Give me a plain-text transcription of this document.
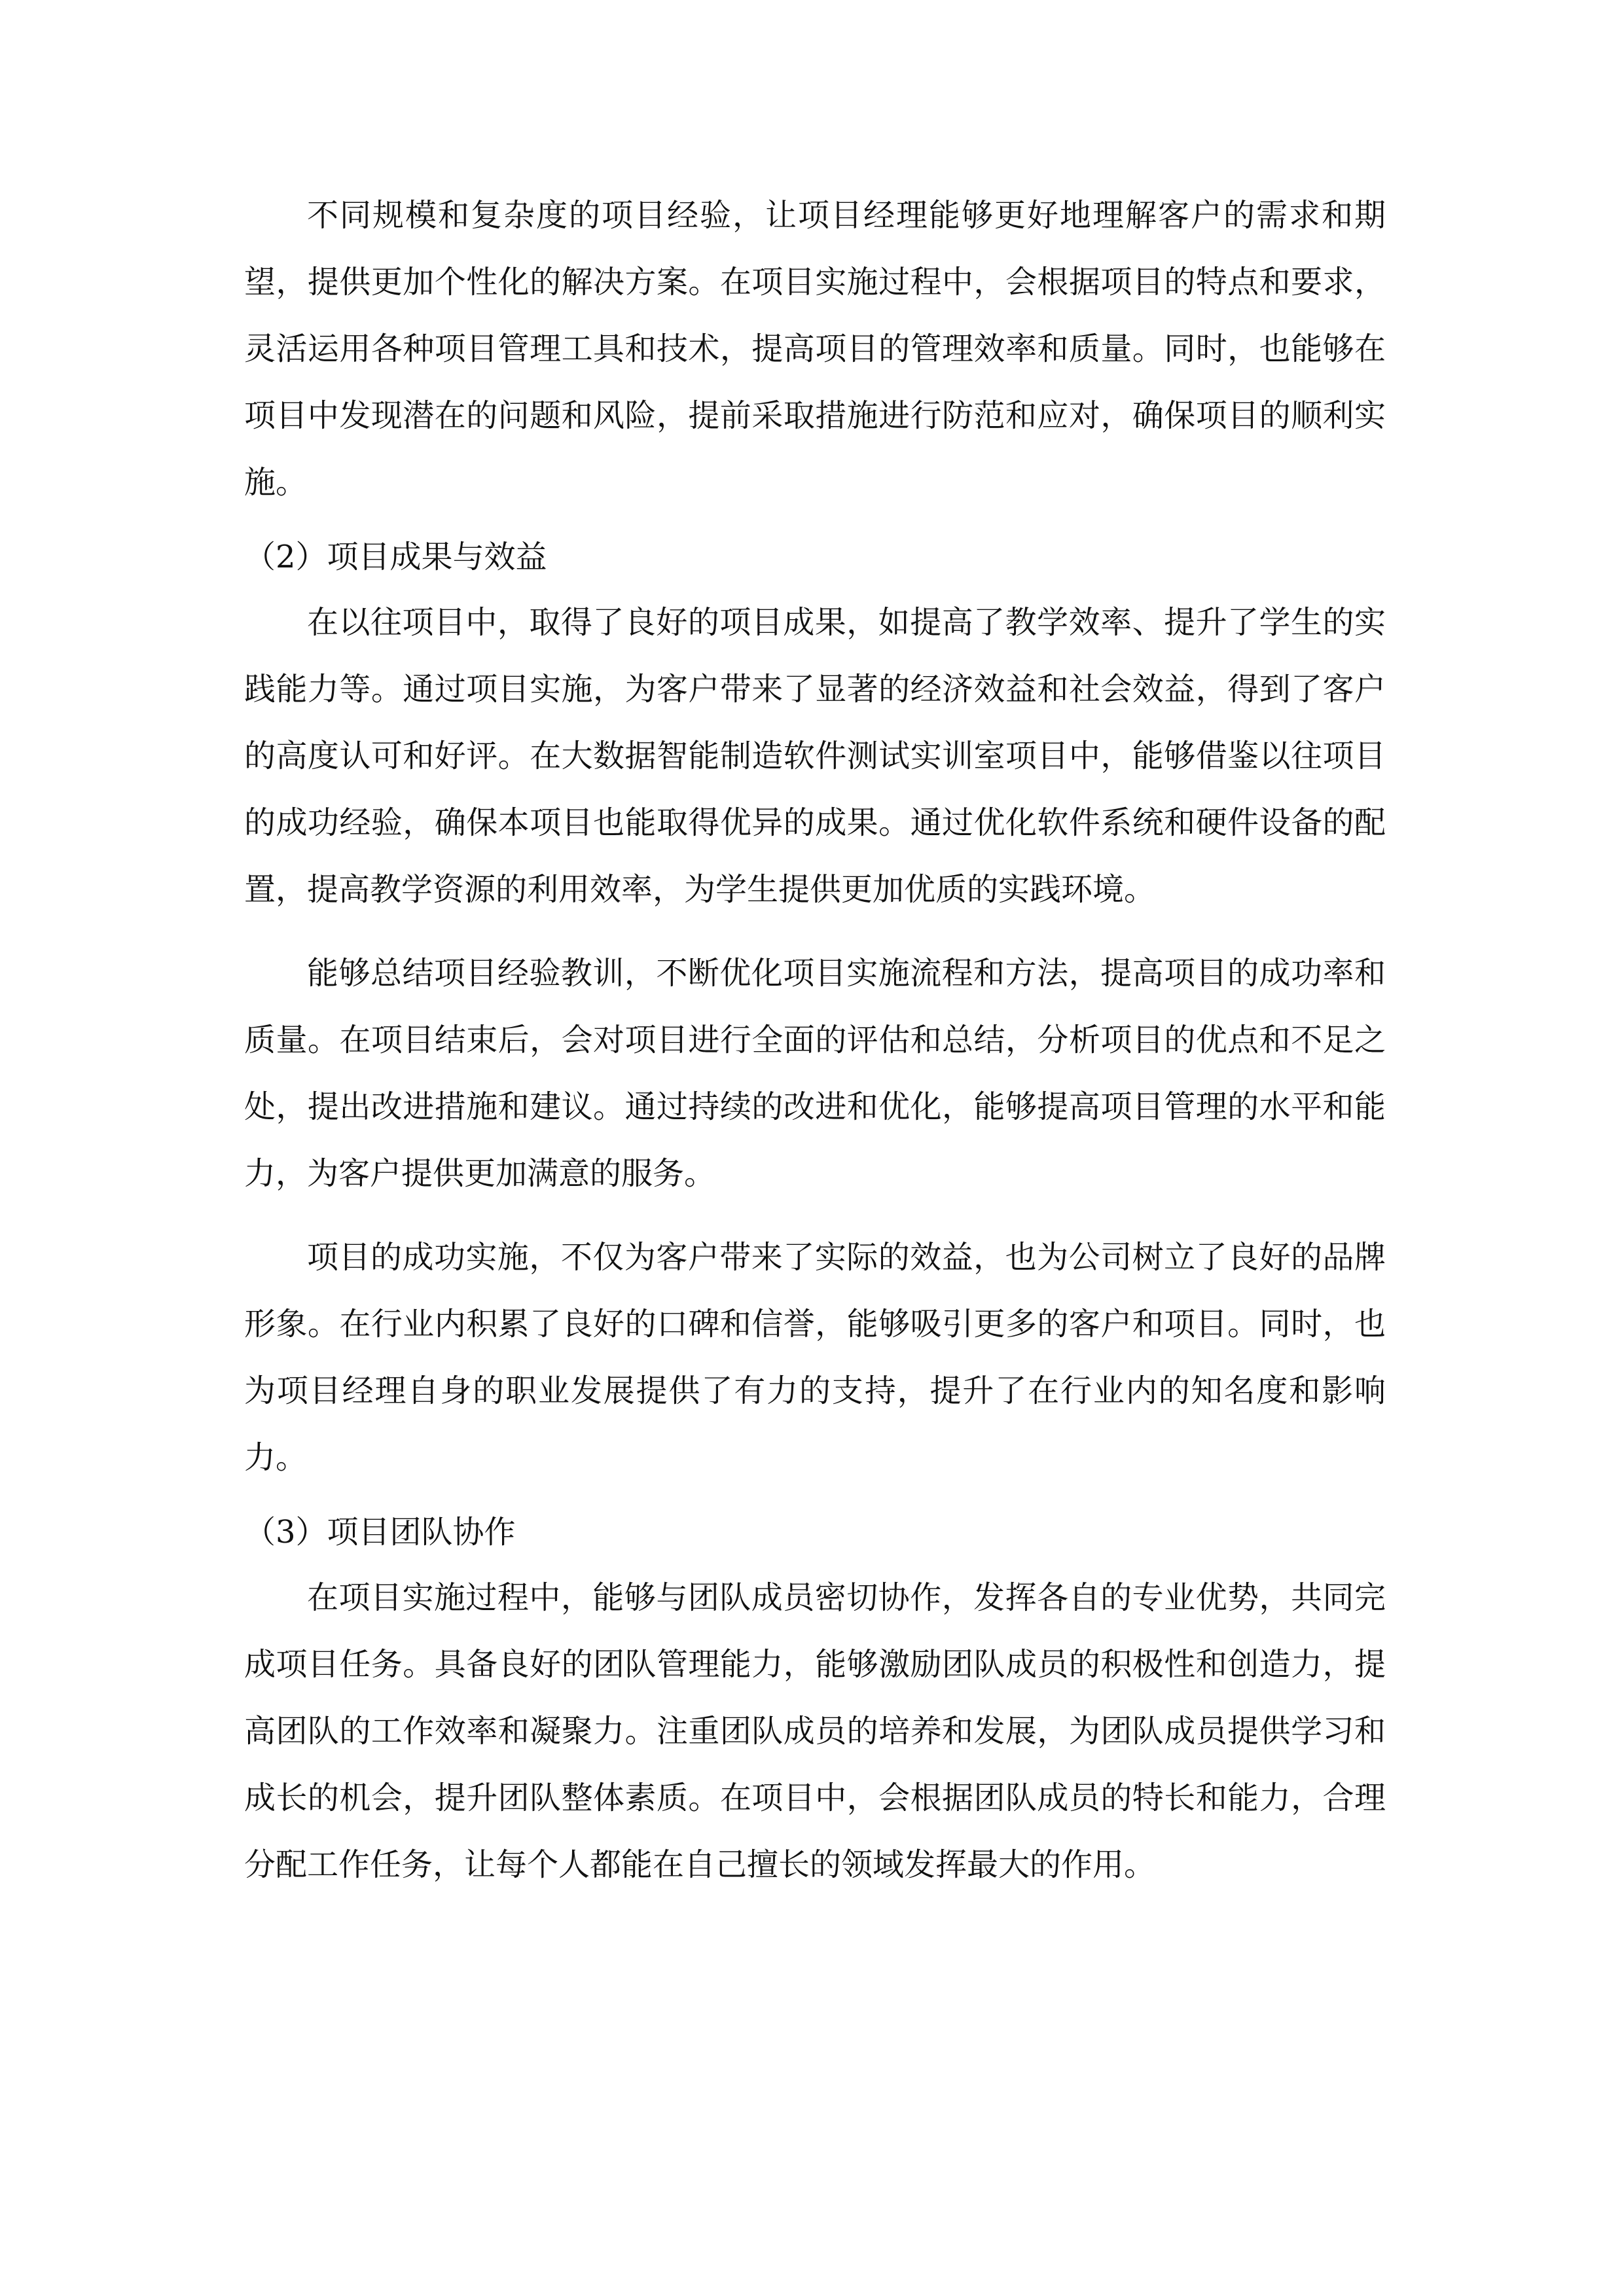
不同规模和复杂度的项目经验，让项目经理能够更好地理解客户的需求和期望，提供更加个性化的解决方案。在项目实施过程中，会根据项目的特点和要求，灵活运用各种项目管理工具和技术，提高项目的管理效率和质量。同时，也能够在项目中发现潜在的问题和风险，提前采取措施进行防范和应对，确保项目的顺利实施。

（2）项目成果与效益

在以往项目中，取得了良好的项目成果，如提高了教学效率、提升了学生的实践能力等。通过项目实施，为客户带来了显著的经济效益和社会效益，得到了客户的高度认可和好评。在大数据智能制造软件测试实训室项目中，能够借鉴以往项目的成功经验，确保本项目也能取得优异的成果。通过优化软件系统和硬件设备的配置，提高教学资源的利用效率，为学生提供更加优质的实践环境。

能够总结项目经验教训，不断优化项目实施流程和方法，提高项目的成功率和质量。在项目结束后，会对项目进行全面的评估和总结，分析项目的优点和不足之处，提出改进措施和建议。通过持续的改进和优化，能够提高项目管理的水平和能力，为客户提供更加满意的服务。

项目的成功实施，不仅为客户带来了实际的效益，也为公司树立了良好的品牌形象。在行业内积累了良好的口碑和信誉，能够吸引更多的客户和项目。同时，也为项目经理自身的职业发展提供了有力的支持，提升了在行业内的知名度和影响力。

（3）项目团队协作

在项目实施过程中，能够与团队成员密切协作，发挥各自的专业优势，共同完成项目任务。具备良好的团队管理能力，能够激励团队成员的积极性和创造力，提高团队的工作效率和凝聚力。注重团队成员的培养和发展，为团队成员提供学习和成长的机会，提升团队整体素质。在项目中，会根据团队成员的特长和能力，合理分配工作任务，让每个人都能在自己擅长的领域发挥最大的作用。
